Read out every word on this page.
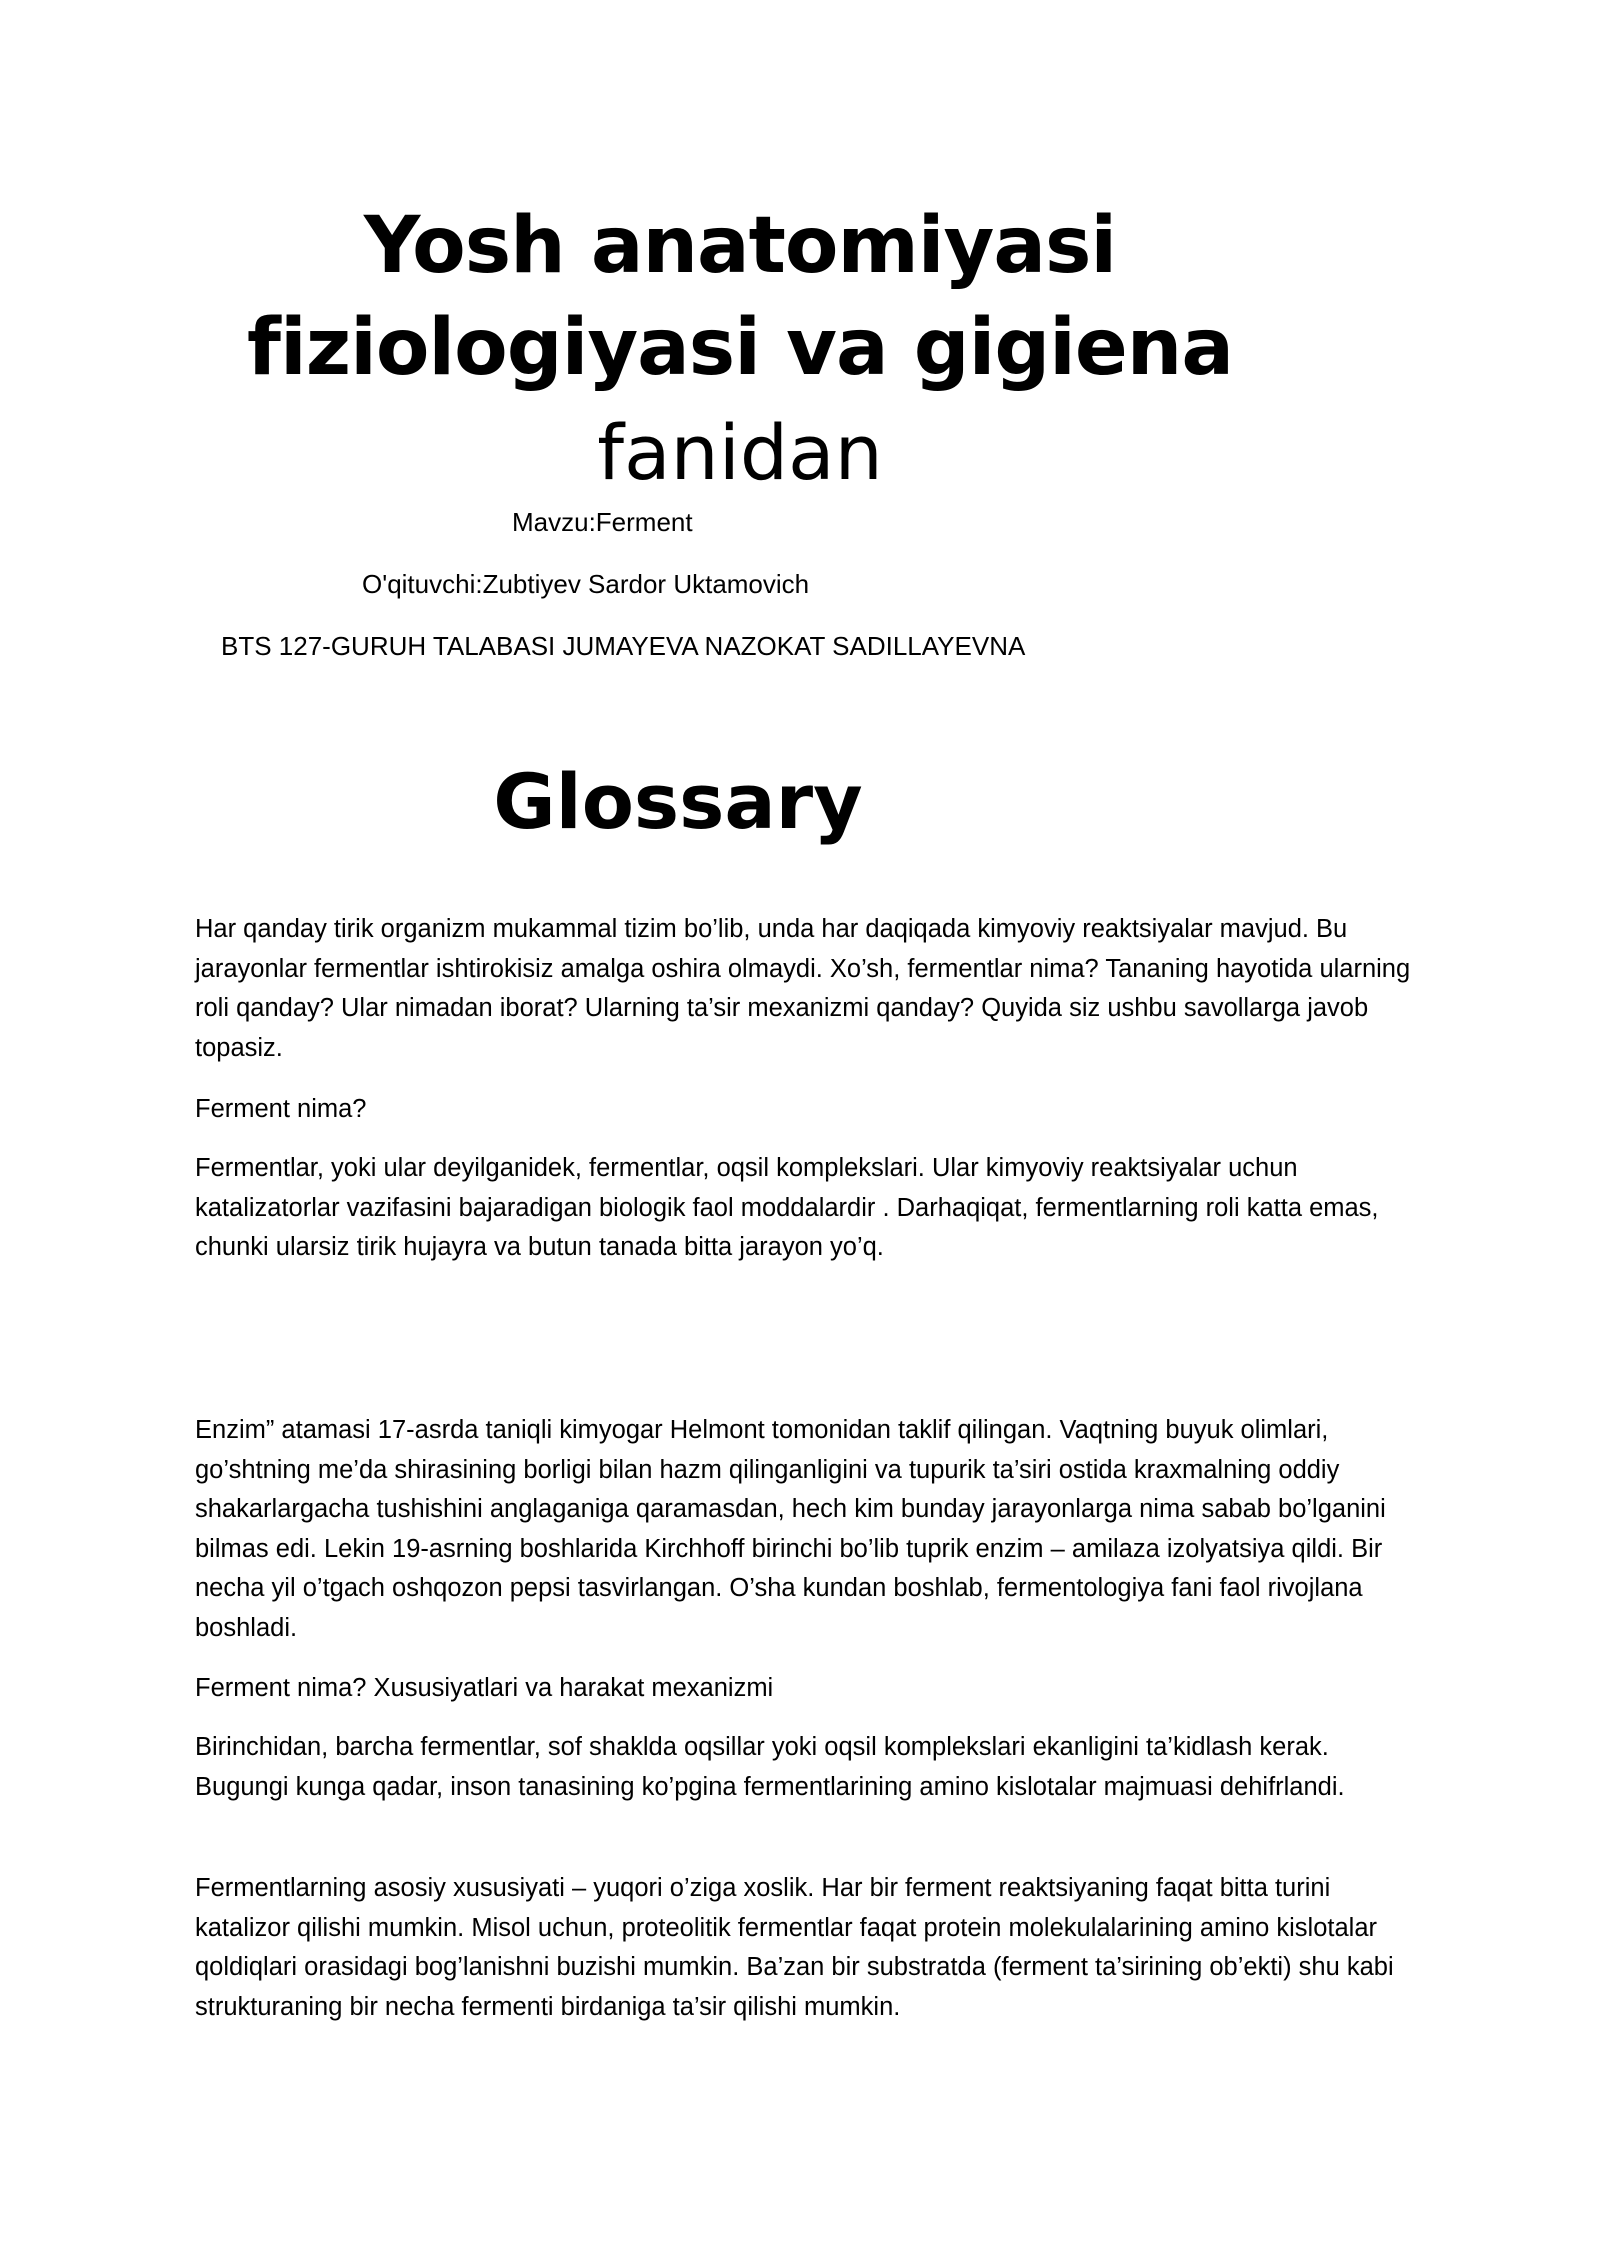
Yosh anatomiyasi
fiziologiyasi va gigiena
fanidan

Mavzu:Ferment

O'qituvchi:Zubtiyev Sardor Uktamovich

BTS 127-GURUH TALABASI JUMAYEVA NAZOKAT SADILLAYEVNA

Glossary

Har qanday tirik organizm mukammal tizim bo’lib, unda har daqiqada kimyoviy reaktsiyalar mavjud. Bu jarayonlar fermentlar ishtirokisiz amalga oshira olmaydi. Xo’sh, fermentlar nima? Tananing hayotida ularning roli qanday? Ular nimadan iborat? Ularning ta’sir mexanizmi qanday? Quyida siz ushbu savollarga javob topasiz.

Ferment nima?

Fermentlar, yoki ular deyilganidek, fermentlar, oqsil komplekslari. Ular kimyoviy reaktsiyalar uchun katalizatorlar vazifasini bajaradigan biologik faol moddalardir . Darhaqiqat, fermentlarning roli katta emas, chunki ularsiz tirik hujayra va butun tanada bitta jarayon yo’q.

Enzim” atamasi 17-asrda taniqli kimyogar Helmont tomonidan taklif qilingan. Vaqtning buyuk olimlari, go’shtning me’da shirasining borligi bilan hazm qilinganligini va tupurik ta’siri ostida kraxmalning oddiy shakarlargacha tushishini anglaganiga qaramasdan, hech kim bunday jarayonlarga nima sabab bo’lganini bilmas edi. Lekin 19-asrning boshlarida Kirchhoff birinchi bo’lib tuprik enzim – amilaza izolyatsiya qildi. Bir necha yil o’tgach oshqozon pepsi tasvirlangan. O’sha kundan boshlab, fermentologiya fani faol rivojlana boshladi.

Ferment nima? Xususiyatlari va harakat mexanizmi

Birinchidan, barcha fermentlar, sof shaklda oqsillar yoki oqsil komplekslari ekanligini ta’kidlash kerak. Bugungi kunga qadar, inson tanasining ko’pgina fermentlarining amino kislotalar majmuasi dehifrlandi.

Fermentlarning asosiy xususiyati – yuqori o’ziga xoslik. Har bir ferment reaktsiyaning faqat bitta turini katalizor qilishi mumkin. Misol uchun, proteolitik fermentlar faqat protein molekulalarining amino kislotalar qoldiqlari orasidagi bog’lanishni buzishi mumkin. Ba’zan bir substratda (ferment ta’sirining ob’ekti) shu kabi strukturaning bir necha fermenti birdaniga ta’sir qilishi mumkin.
